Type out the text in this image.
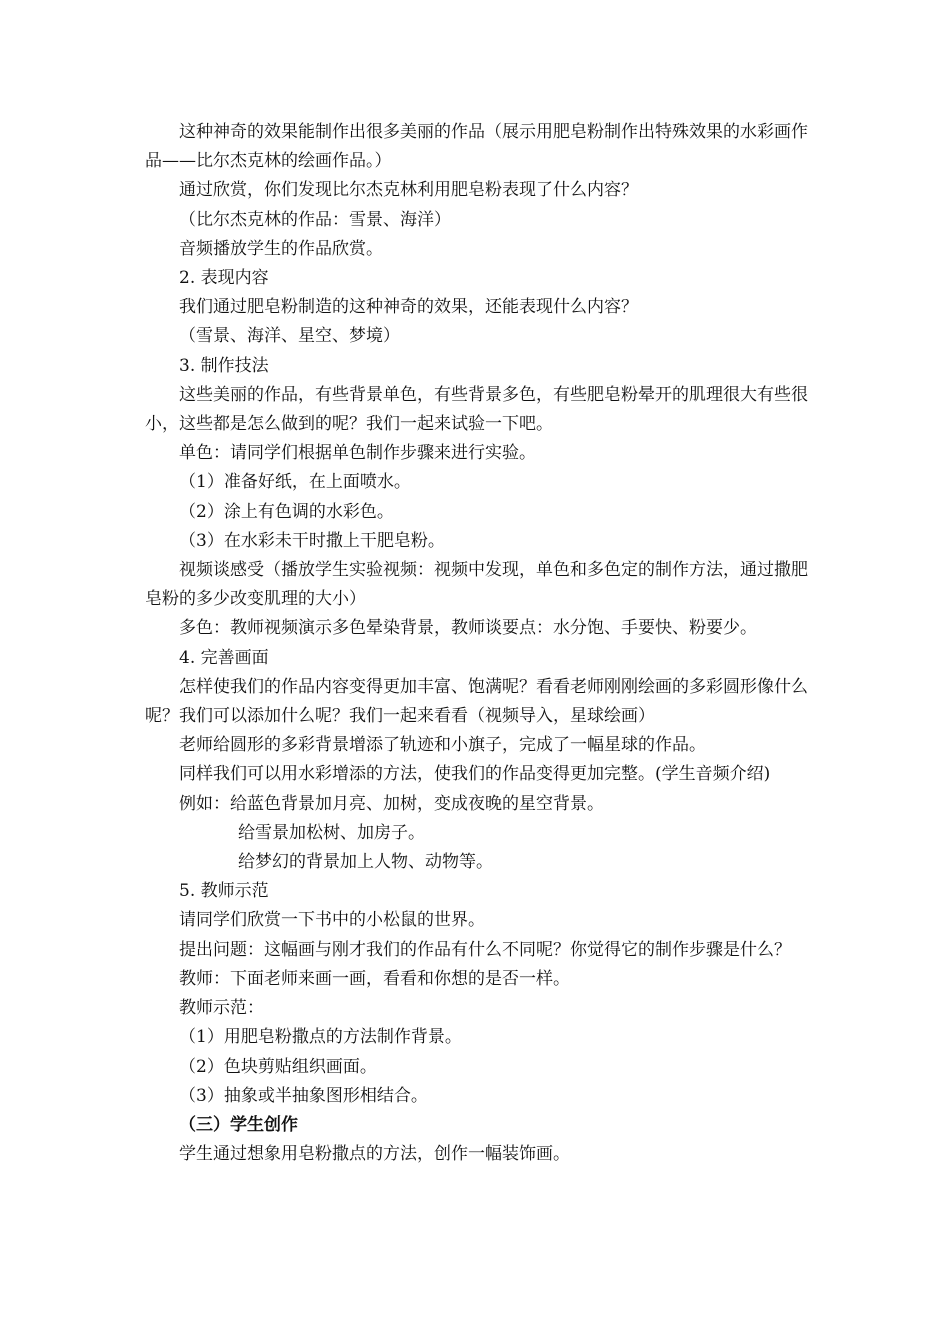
这种神奇的效果能制作出很多美丽的作品（展示用肥皂粉制作出特殊效果的水彩画作品——比尔杰克林的绘画作品。）

通过欣赏，你们发现比尔杰克林利用肥皂粉表现了什么内容？

（比尔杰克林的作品：雪景、海洋）

音频播放学生的作品欣赏。

2. 表现内容

我们通过肥皂粉制造的这种神奇的效果，还能表现什么内容？

（雪景、海洋、星空、梦境）

3. 制作技法

这些美丽的作品，有些背景单色，有些背景多色，有些肥皂粉晕开的肌理很大有些很小，这些都是怎么做到的呢？我们一起来试验一下吧。

单色：请同学们根据单色制作步骤来进行实验。

（1）准备好纸，在上面喷水。

（2）涂上有色调的水彩色。

（3）在水彩未干时撒上干肥皂粉。

视频谈感受（播放学生实验视频：视频中发现，单色和多色定的制作方法，通过撒肥皂粉的多少改变肌理的大小）

多色：教师视频演示多色晕染背景，教师谈要点：水分饱、手要快、粉要少。

4. 完善画面

怎样使我们的作品内容变得更加丰富、饱满呢？看看老师刚刚绘画的多彩圆形像什么呢？我们可以添加什么呢？我们一起来看看（视频导入，星球绘画）

老师给圆形的多彩背景增添了轨迹和小旗子，完成了一幅星球的作品。

同样我们可以用水彩增添的方法，使我们的作品变得更加完整。(学生音频介绍)

例如：给蓝色背景加月亮、加树，变成夜晚的星空背景。

给雪景加松树、加房子。

给梦幻的背景加上人物、动物等。

5. 教师示范

请同学们欣赏一下书中的小松鼠的世界。

提出问题：这幅画与刚才我们的作品有什么不同呢？你觉得它的制作步骤是什么？

教师：下面老师来画一画，看看和你想的是否一样。

教师示范：

（1）用肥皂粉撒点的方法制作背景。

（2）色块剪贴组织画面。

（3）抽象或半抽象图形相结合。

（三）学生创作

学生通过想象用皂粉撒点的方法，创作一幅装饰画。
